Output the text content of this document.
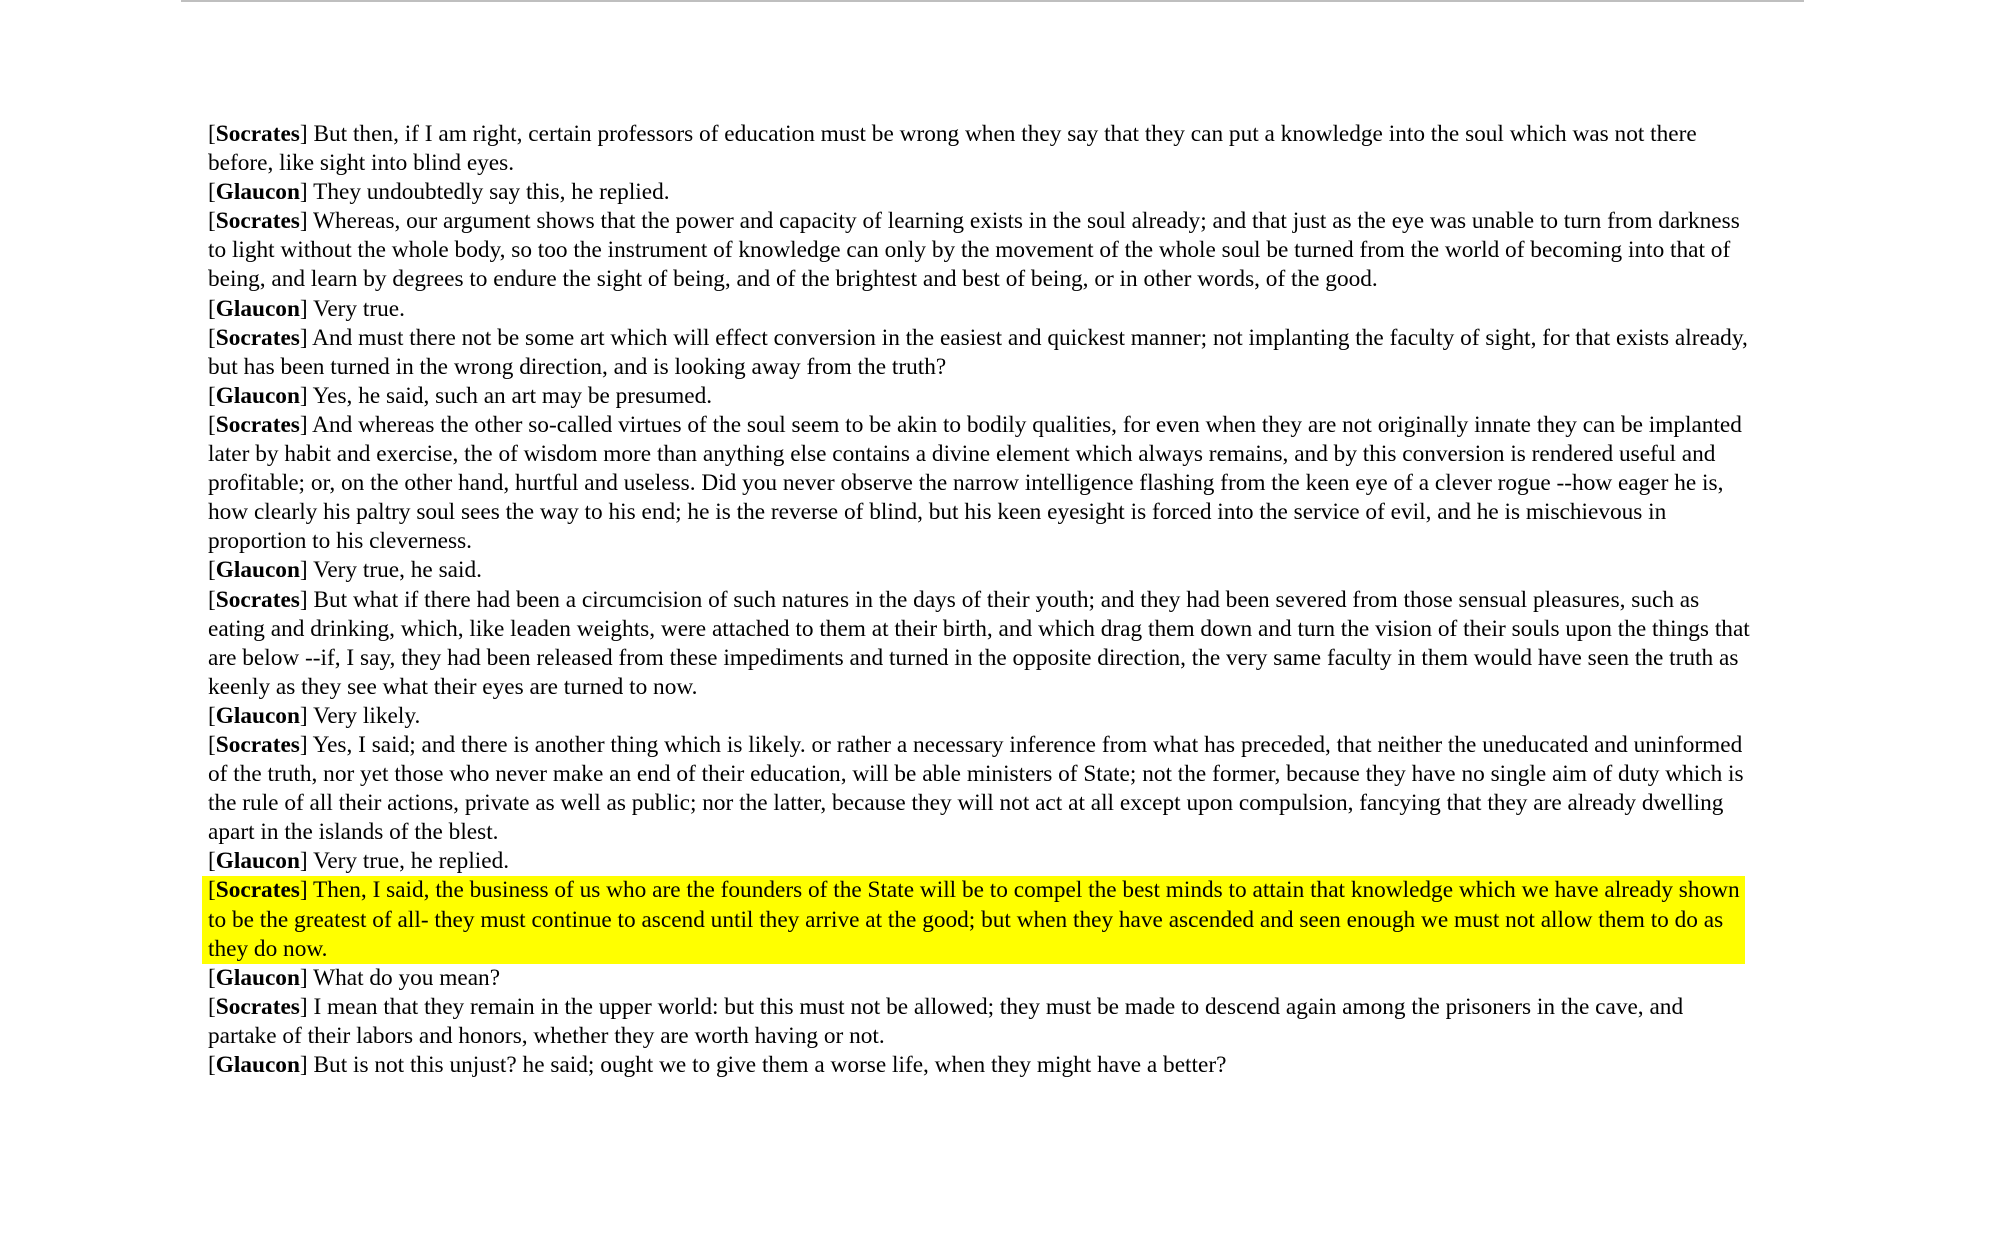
[Socrates] But then, if I am right, certain professors of education must be wrong when they say that they can put a knowledge into the soul which was not there before, like sight into blind eyes.

[Glaucon] They undoubtedly say this, he replied.

[Socrates] Whereas, our argument shows that the power and capacity of learning exists in the soul already; and that just as the eye was unable to turn from darkness to light without the whole body, so too the instrument of knowledge can only by the movement of the whole soul be turned from the world of becoming into that of being, and learn by degrees to endure the sight of being, and of the brightest and best of being, or in other words, of the good.

[Glaucon] Very true.

[Socrates] And must there not be some art which will effect conversion in the easiest and quickest manner; not implanting the faculty of sight, for that exists already, but has been turned in the wrong direction, and is looking away from the truth?

[Glaucon] Yes, he said, such an art may be presumed.

[Socrates] And whereas the other so-called virtues of the soul seem to be akin to bodily qualities, for even when they are not originally innate they can be implanted later by habit and exercise, the of wisdom more than anything else contains a divine element which always remains, and by this conversion is rendered useful and profitable; or, on the other hand, hurtful and useless. Did you never observe the narrow intelligence flashing from the keen eye of a clever rogue --how eager he is, how clearly his paltry soul sees the way to his end; he is the reverse of blind, but his keen eyesight is forced into the service of evil, and he is mischievous in proportion to his cleverness.

[Glaucon] Very true, he said.

[Socrates] But what if there had been a circumcision of such natures in the days of their youth; and they had been severed from those sensual pleasures, such as eating and drinking, which, like leaden weights, were attached to them at their birth, and which drag them down and turn the vision of their souls upon the things that are below --if, I say, they had been released from these impediments and turned in the opposite direction, the very same faculty in them would have seen the truth as keenly as they see what their eyes are turned to now.

[Glaucon] Very likely.

[Socrates] Yes, I said; and there is another thing which is likely. or rather a necessary inference from what has preceded, that neither the uneducated and uninformed of the truth, nor yet those who never make an end of their education, will be able ministers of State; not the former, because they have no single aim of duty which is the rule of all their actions, private as well as public; nor the latter, because they will not act at all except upon compulsion, fancying that they are already dwelling apart in the islands of the blest.

[Glaucon] Very true, he replied.

[Socrates] Then, I said, the business of us who are the founders of the State will be to compel the best minds to attain that knowledge which we have already shown to be the greatest of all- they must continue to ascend until they arrive at the good; but when they have ascended and seen enough we must not allow them to do as they do now.

[Glaucon] What do you mean?

[Socrates] I mean that they remain in the upper world: but this must not be allowed; they must be made to descend again among the prisoners in the cave, and partake of their labors and honors, whether they are worth having or not.

[Glaucon] But is not this unjust? he said; ought we to give them a worse life, when they might have a better?
